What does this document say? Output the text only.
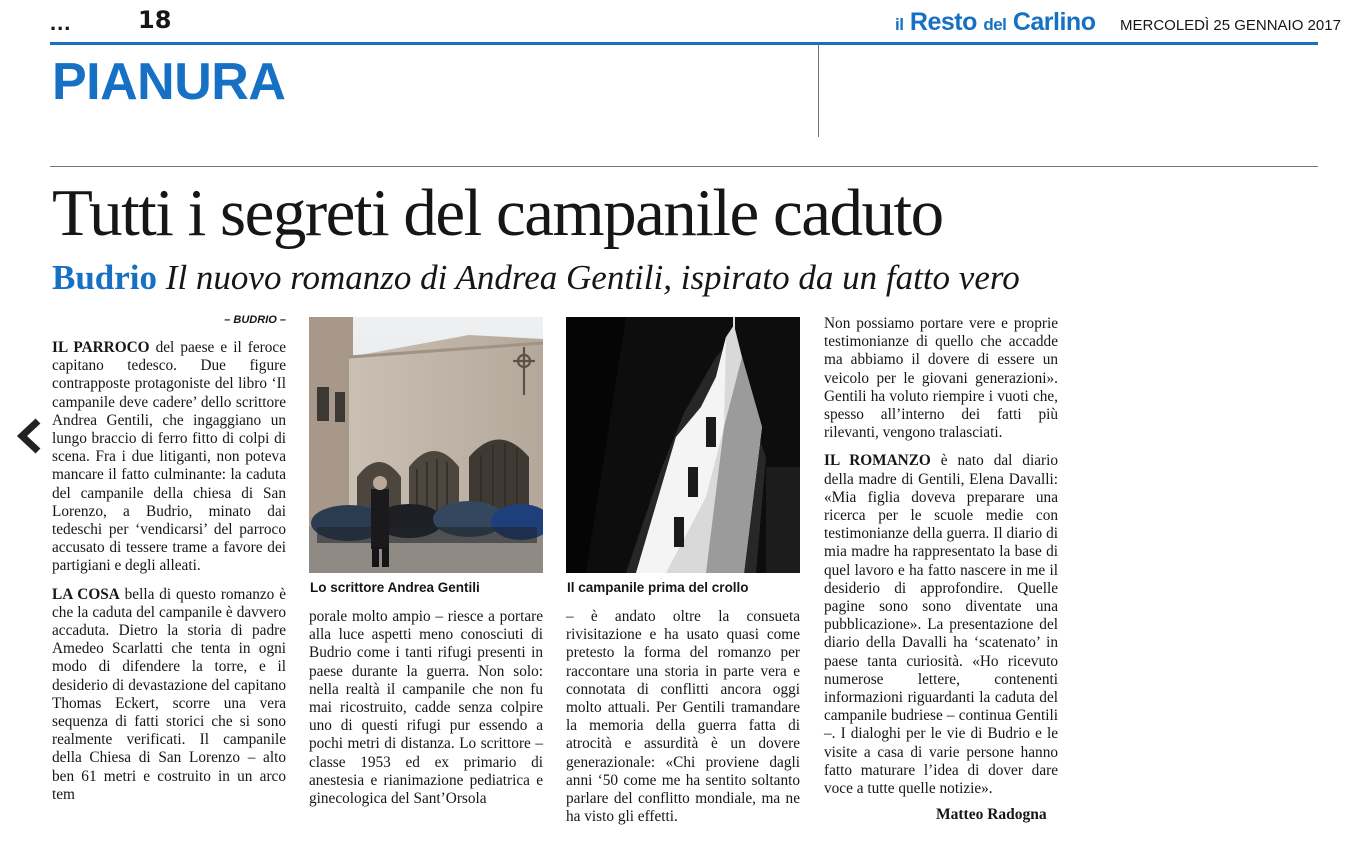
...	18	il Resto del Carlino MERCOLEDÌ 25 GENNAIO 2017
PIANURA
Tutti i segreti del campanile caduto
Budrio Il nuovo romanzo di Andrea Gentili, ispirato da un fatto vero
– BUDRIO –

IL PARROCO del paese e il feroce capitano tedesco. Due figure contrapposte protagoniste del libro ‘Il campanile deve cadere’ dello scrittore Andrea Gentili, che ingaggiano un lungo braccio di ferro fitto di colpi di scena. Fra i due litiganti, non poteva mancare il fatto culminante: la caduta del campanile della chiesa di San Lorenzo, a Budrio, minato dai tedeschi per ‘vendicarsi’ del parroco accusato di tessere trame a favore dei partigiani e degli alleati.

LA COSA bella di questo romanzo è che la caduta del campanile è davvero accaduta. Dietro la storia di padre Amedeo Scarlatti che tenta in ogni modo di difendere la torre, e il desiderio di devastazione del capitano Thomas Eckert, scorre una vera sequenza di fatti storici che si sono realmente verificati. Il campanile della Chiesa di San Lorenzo – alto ben 61 metri e costruito in un arco tem

Lo scrittore Andrea Gentili	Il campanile prima del crollo

porale molto ampio – riesce a portare alla luce aspetti meno conosciuti di Budrio come i tanti rifugi presenti in paese durante la guerra. Non solo: nella realtà il campanile che non fu mai ricostruito, cadde senza colpire uno di questi rifugi pur essendo a pochi metri di distanza. Lo scrittore – classe 1953 ed ex primario di anestesia e rianimazione pediatrica e ginecologica del Sant’Orsola

– è andato oltre la consueta rivisitazione e ha usato quasi come pretesto la forma del romanzo per raccontare una storia in parte vera e connotata di conflitti ancora oggi molto attuali. Per Gentili tramandare la memoria della guerra fatta di atrocità e assurdità è un dovere generazionale: «Chi proviene dagli anni ‘50 come me ha sentito soltanto parlare del conflitto mondiale, ma ne ha visto gli effetti.

Non possiamo portare vere e proprie testimonianze di quello che accadde ma abbiamo il dovere di essere un veicolo per le giovani generazioni». Gentili ha voluto riempire i vuoti che, spesso all’interno dei fatti più rilevanti, vengono tralasciati.

IL ROMANZO è nato dal diario della madre di Gentili, Elena Davalli: «Mia figlia doveva preparare una ricerca per le scuole medie con testimonianze della guerra. Il diario di mia madre ha rappresentato la base di quel lavoro e ha fatto nascere in me il desiderio di approfondire. Quelle pagine sono sono diventate una pubblicazione». La presentazione del diario della Davalli ha ‘scatenato’ in paese tanta curiosità. «Ho ricevuto numerose lettere, contenenti informazioni riguardanti la caduta del campanile budriese – continua Gentili –. I dialoghi per le vie di Budrio e le visite a casa di varie persone hanno fatto maturare l’idea di dover dare voce a tutte quelle notizie».

Matteo Radogna
